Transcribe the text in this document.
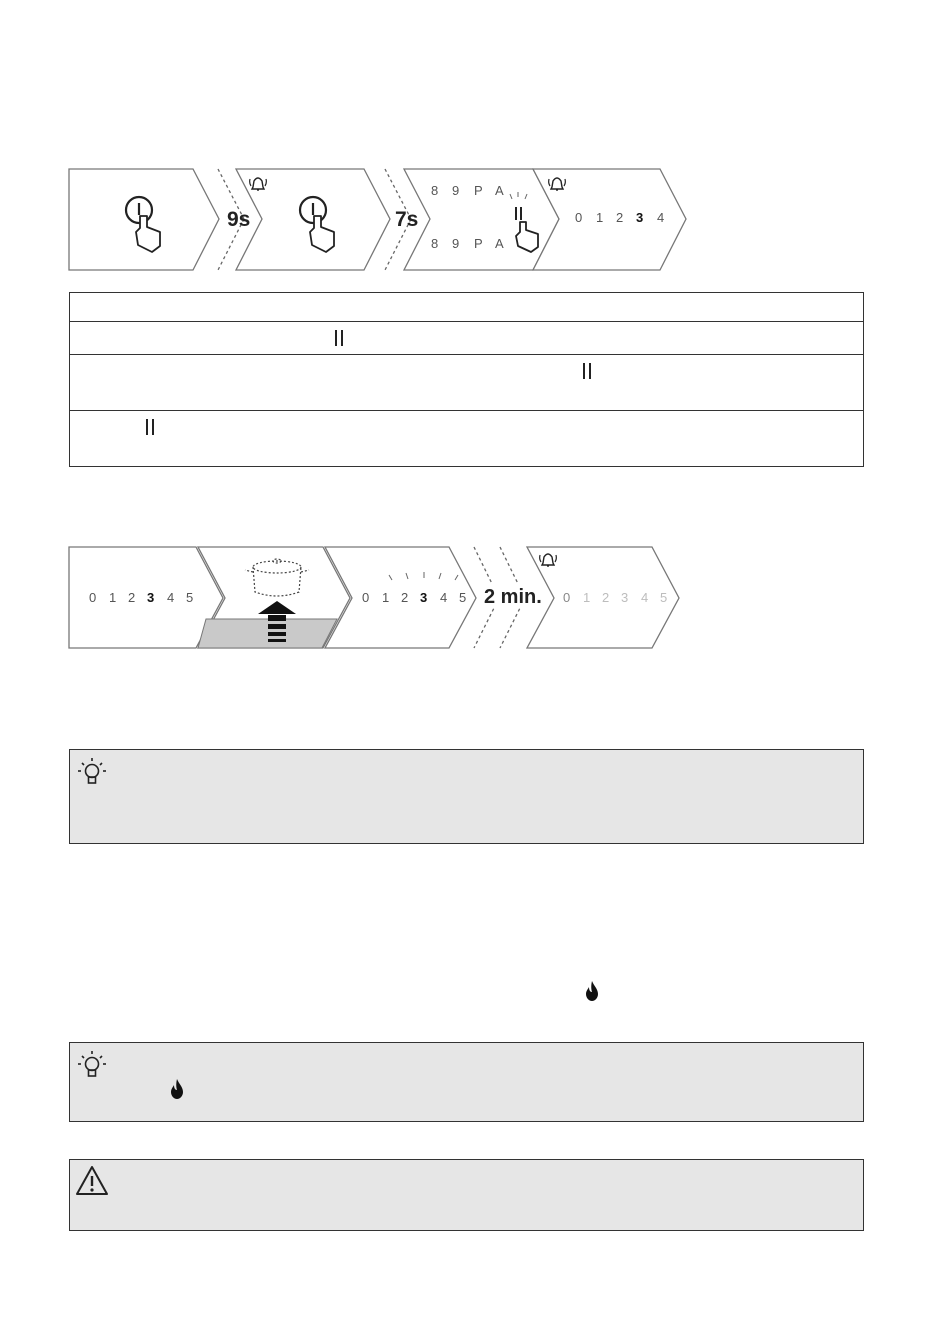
9s	7s
8 9 P A
8 9 P A
0 1 2 3 4
0 1 2 3 4 5	0 1 2 3 4 5 2 min. 0 1 2 3 4 5
